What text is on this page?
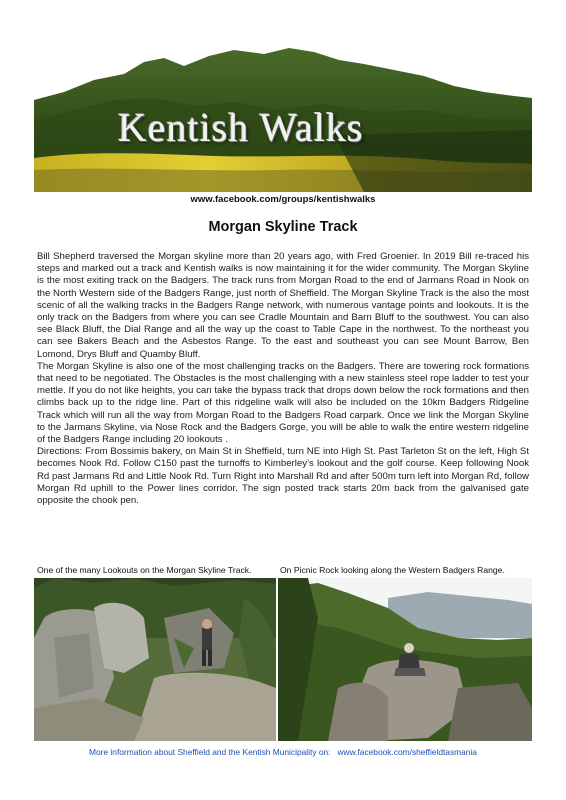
Kentish Walks
www.facebook.com/groups/kentishwalks
Morgan Skyline Track

Bill Shepherd traversed the Morgan skyline more than 20 years ago, with Fred Groenier. In 2019 Bill re-traced his steps and marked out a track and Kentish walks is now maintaining it for the wider community. The Morgan Skyline is the most exiting track on the Badgers. The track runs from Morgan Road to the end of Jarmans Road in Nook on the North Western side of the Badgers Range, just north of Sheffield. The Morgan Skyline Track is the also the most scenic of all the walking tracks in the Badgers Range network, with numerous vantage points and lookouts. It is the only track on the Badgers from where you can see Cradle Mountain and Barn Bluff to the southwest. You can also see Black Bluff, the Dial Range and all the way up the coast to Table Cape in the northwest. To the northeast you can see Bakers Beach and the Asbestos Range. To the east and southeast you can see Mount Barrow, Ben Lomond, Drys Bluff and Quamby Bluff.

The Morgan Skyline is also one of the most challenging tracks on the Badgers. There are towering rock formations that need to be negotiated. The Obstacles is the most challenging with a new stainless steel rope ladder to test your mettle. If you do not like heights, you can take the bypass track that drops down below the rock formations and then climbs back up to the ridge line. Part of this ridgeline walk will also be included on the 10km Badgers Ridgeline Track which will run all the way from Morgan Road to the Badgers Road carpark. Once we link the Morgan Skyline to the Jarmans Skyline, via Nose Rock and the Badgers Gorge, you will be able to walk the entire western ridgeline of the Badgers Range including 20 lookouts .

Directions: From Bossimis bakery, on Main St in Sheffield, turn NE into High St. Past Tarleton St on the left, High St becomes Nook Rd. Follow C150 past the turnoffs to Kimberley’s lookout and the golf course. Keep following Nook Rd past Jarmans Rd and Little Nook Rd. Turn Right into Marshall Rd and after 500m turn left into Morgan Rd, follow Morgan Rd uphill to the Power lines corridor. The sign posted track starts 20m back from the galvanised gate opposite the chook pen.

One of the many Lookouts on the Morgan Skyline Track.	On Picnic Rock looking along the Western Badgers Range.
More information about Sheffield and the Kentish Municipality on: www.facebook.com/sheffieldtasmania
